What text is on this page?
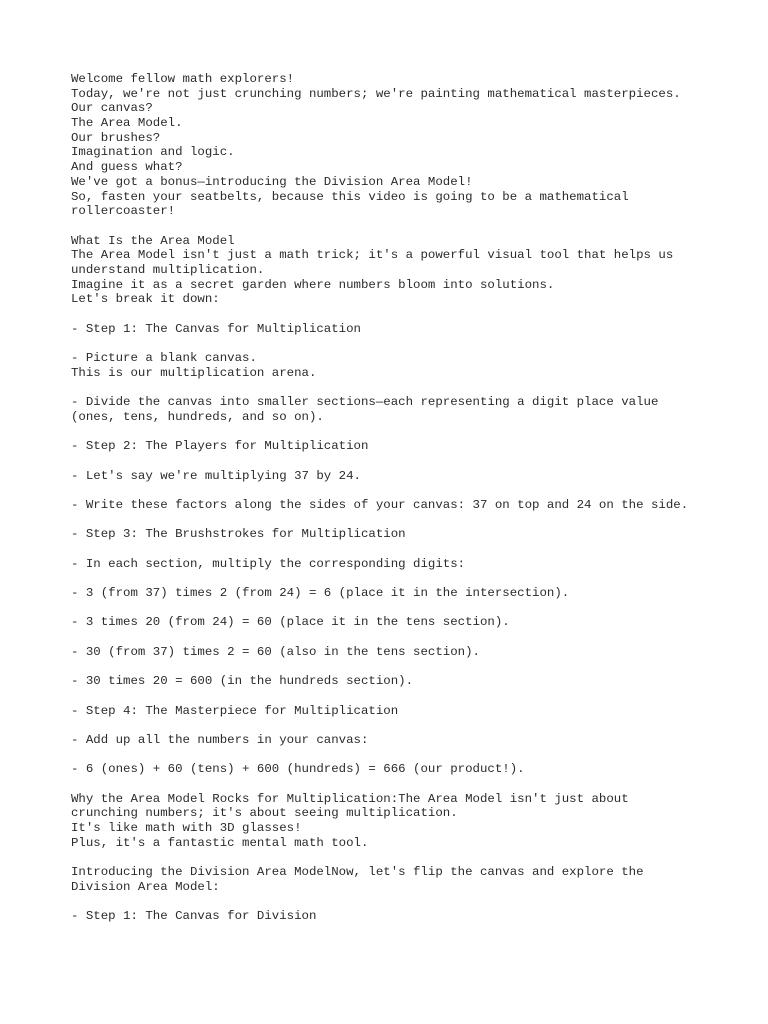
Welcome fellow math explorers!
Today, we're not just crunching numbers; we're painting mathematical masterpieces.
Our canvas?
The Area Model.
Our brushes?
Imagination and logic.
And guess what?
We've got a bonus—introducing the Division Area Model!
So, fasten your seatbelts, because this video is going to be a mathematical
rollercoaster!
What Is the Area Model
The Area Model isn't just a math trick; it's a powerful visual tool that helps us
understand multiplication.
Imagine it as a secret garden where numbers bloom into solutions.
Let's break it down:
- Step 1: The Canvas for Multiplication
- Picture a blank canvas.
This is our multiplication arena.
- Divide the canvas into smaller sections—each representing a digit place value
(ones, tens, hundreds, and so on).
- Step 2: The Players for Multiplication
- Let's say we're multiplying 37 by 24.
- Write these factors along the sides of your canvas: 37 on top and 24 on the side.
- Step 3: The Brushstrokes for Multiplication
- In each section, multiply the corresponding digits:
- 3 (from 37) times 2 (from 24) = 6 (place it in the intersection).
- 3 times 20 (from 24) = 60 (place it in the tens section).
- 30 (from 37) times 2 = 60 (also in the tens section).
- 30 times 20 = 600 (in the hundreds section).
- Step 4: The Masterpiece for Multiplication
- Add up all the numbers in your canvas:
- 6 (ones) + 60 (tens) + 600 (hundreds) = 666 (our product!).
Why the Area Model Rocks for Multiplication:The Area Model isn't just about
crunching numbers; it's about seeing multiplication.
It's like math with 3D glasses!
Plus, it's a fantastic mental math tool.
Introducing the Division Area ModelNow, let's flip the canvas and explore the
Division Area Model:
- Step 1: The Canvas for Division
